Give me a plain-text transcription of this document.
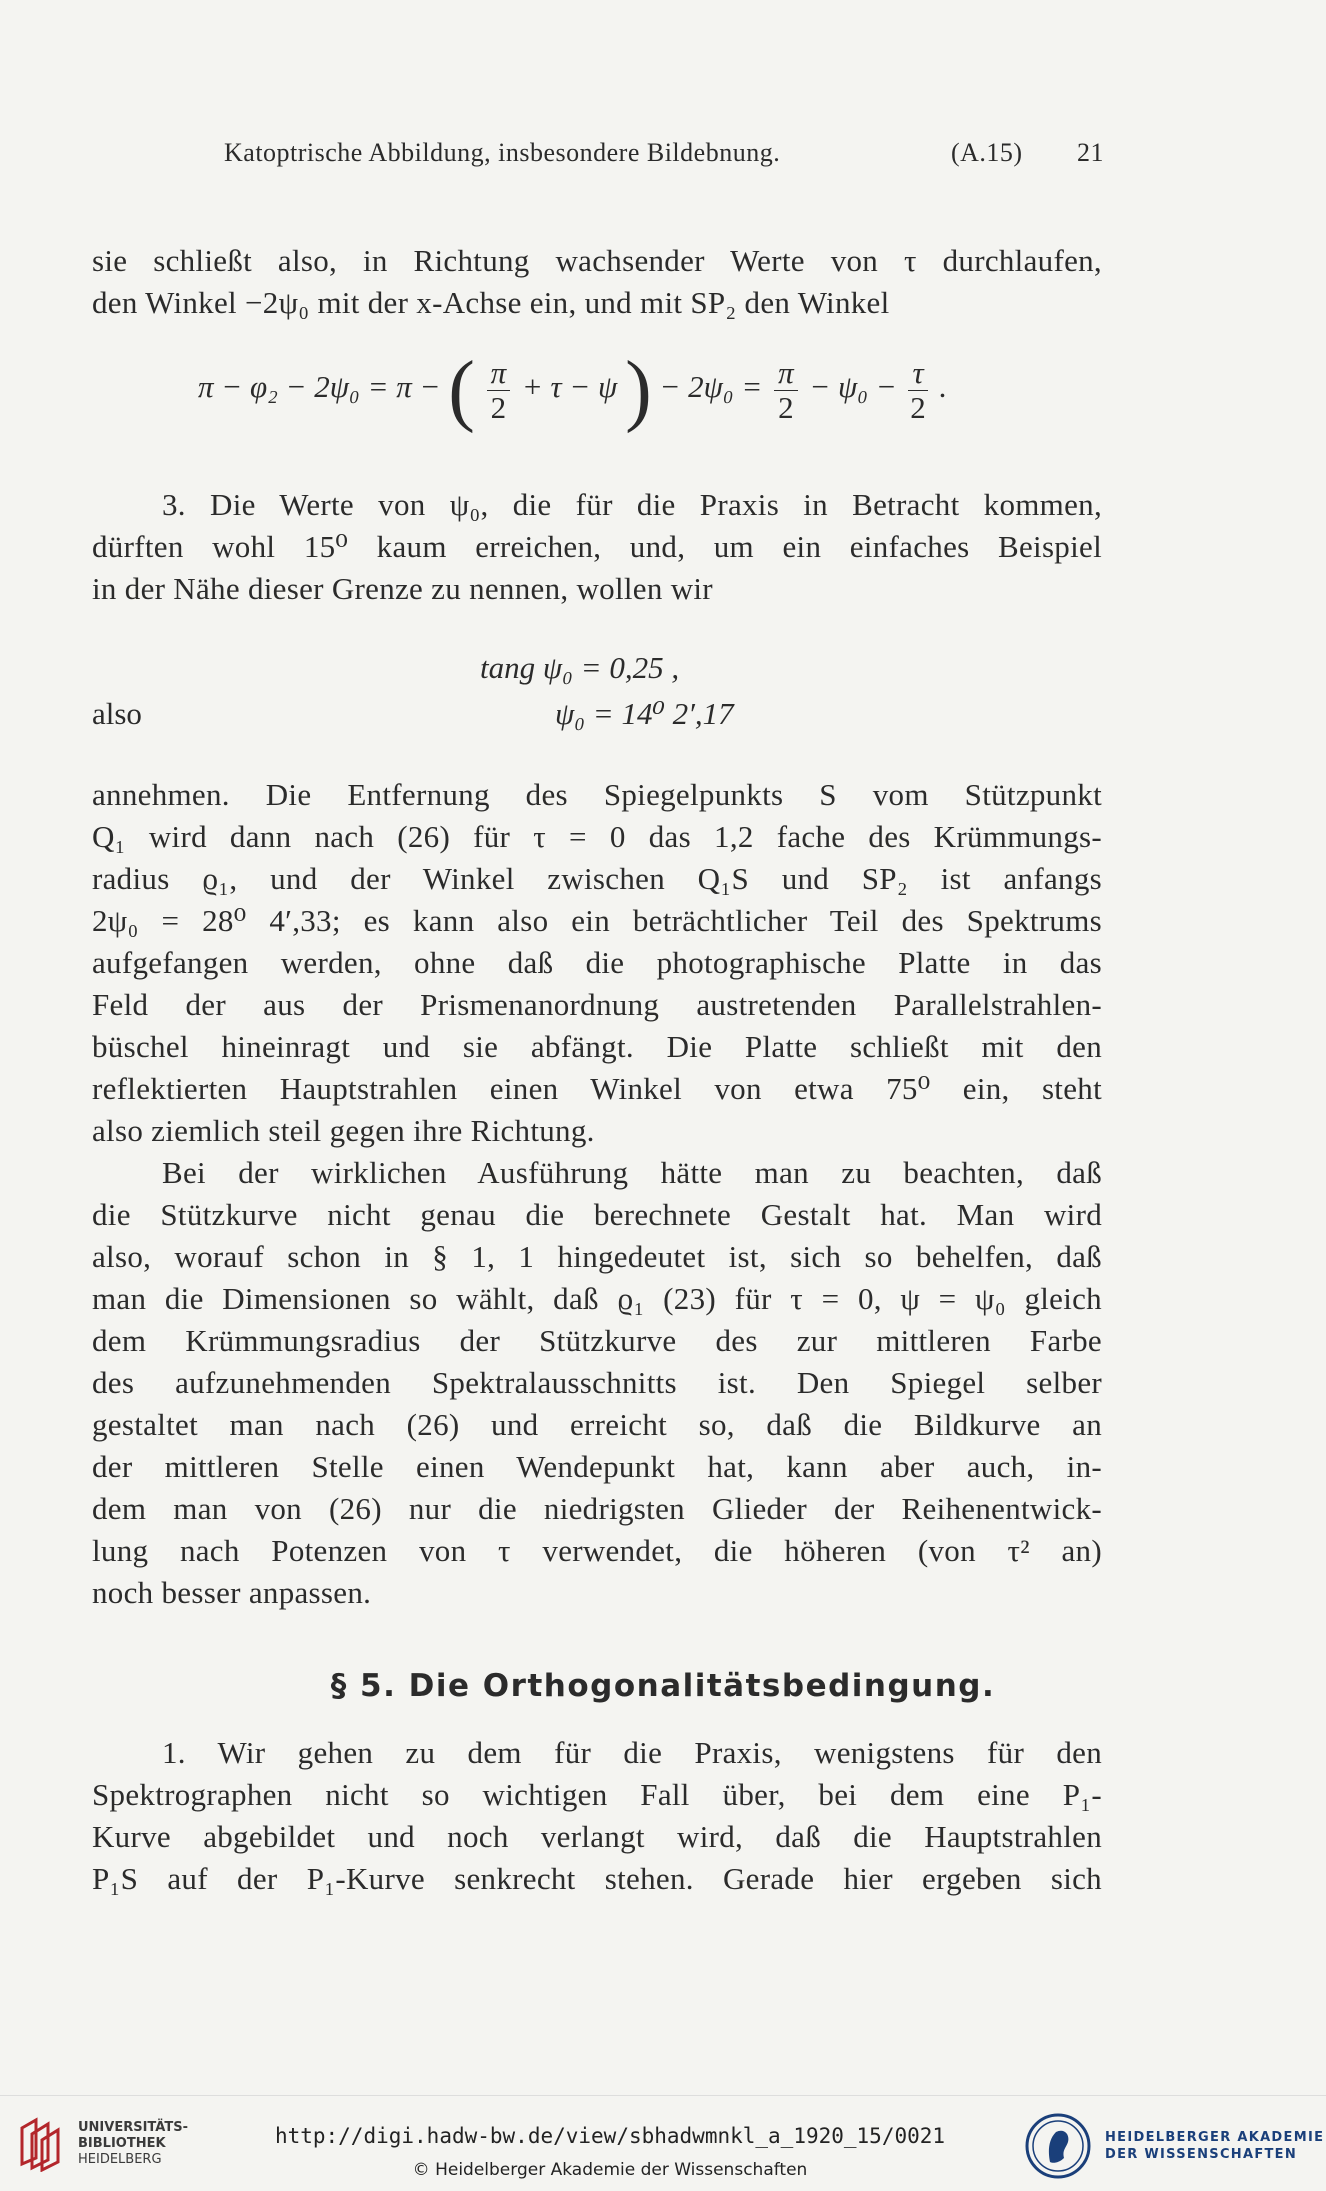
Katoptrische Abbildung, insbesondere Bildebnung.	(A.15) 21
sie schließt also, in Richtung wachsender Werte von τ durchlaufen,
den Winkel −2ψ₀ mit der x-Achse ein, und mit SP₂ den Winkel
π − φ₂ − 2ψ₀ = π − ( $\frac{\pi}{2} + \tau - \psi$ ) − $2\psi_0 = \frac{\pi}{2} - \psi_0 - \frac{\tau}{2}$ .
3. Die Werte von ψ₀, die für die Praxis in Betracht kommen,
dürften wohl 15⁰ kaum erreichen, und, um ein einfaches Beispiel
in der Nähe dieser Grenze zu nennen, wollen wir
tang ψ₀ = 0,25 ,
also	ψ₀ = 14⁰ 2′,17
annehmen. Die Entfernung des Spiegelpunkts S vom Stützpunkt
Q₁ wird dann nach (26) für τ = 0 das 1,2 fache des Krümmungs-
radius ϱ₁, und der Winkel zwischen Q₁S und SP₂ ist anfangs
2ψ₀ = 28⁰ 4′,33; es kann also ein beträchtlicher Teil des Spektrums
aufgefangen werden, ohne daß die photographische Platte in das
Feld der aus der Prismenanordnung austretenden Parallelstrahlen-
büschel hineinragt und sie abfängt. Die Platte schließt mit den
reflektierten Hauptstrahlen einen Winkel von etwa 75⁰ ein, steht
also ziemlich steil gegen ihre Richtung.
Bei der wirklichen Ausführung hätte man zu beachten, daß
die Stützkurve nicht genau die berechnete Gestalt hat. Man wird
also, worauf schon in § 1, 1 hingedeutet ist, sich so behelfen, daß
man die Dimensionen so wählt, daß ϱ₁ (23) für τ = 0, ψ = ψ₀ gleich
dem Krümmungsradius der Stützkurve des zur mittleren Farbe
des aufzunehmenden Spektralausschnitts ist. Den Spiegel selber
gestaltet man nach (26) und erreicht so, daß die Bildkurve an
der mittleren Stelle einen Wendepunkt hat, kann aber auch, in-
dem man von (26) nur die niedrigsten Glieder der Reihenentwick-
lung nach Potenzen von τ verwendet, die höheren (von τ² an)
noch besser anpassen.
§ 5. Die Orthogonalitätsbedingung.
1. Wir gehen zu dem für die Praxis, wenigstens für den
Spektrographen nicht so wichtigen Fall über, bei dem eine P₁-
Kurve abgebildet und noch verlangt wird, daß die Hauptstrahlen
P₁S auf der P₁-Kurve senkrecht stehen. Gerade hier ergeben sich
UNIVERSITÄTS-
BIBLIOTHEK
HEIDELBERG
http://digi.hadw-bw.de/view/sbhadwmnkl_a_1920_15/0021
© Heidelberger Akademie der Wissenschaften
HEIDELBERGER AKADEMIE
DER WISSENSCHAFTEN
